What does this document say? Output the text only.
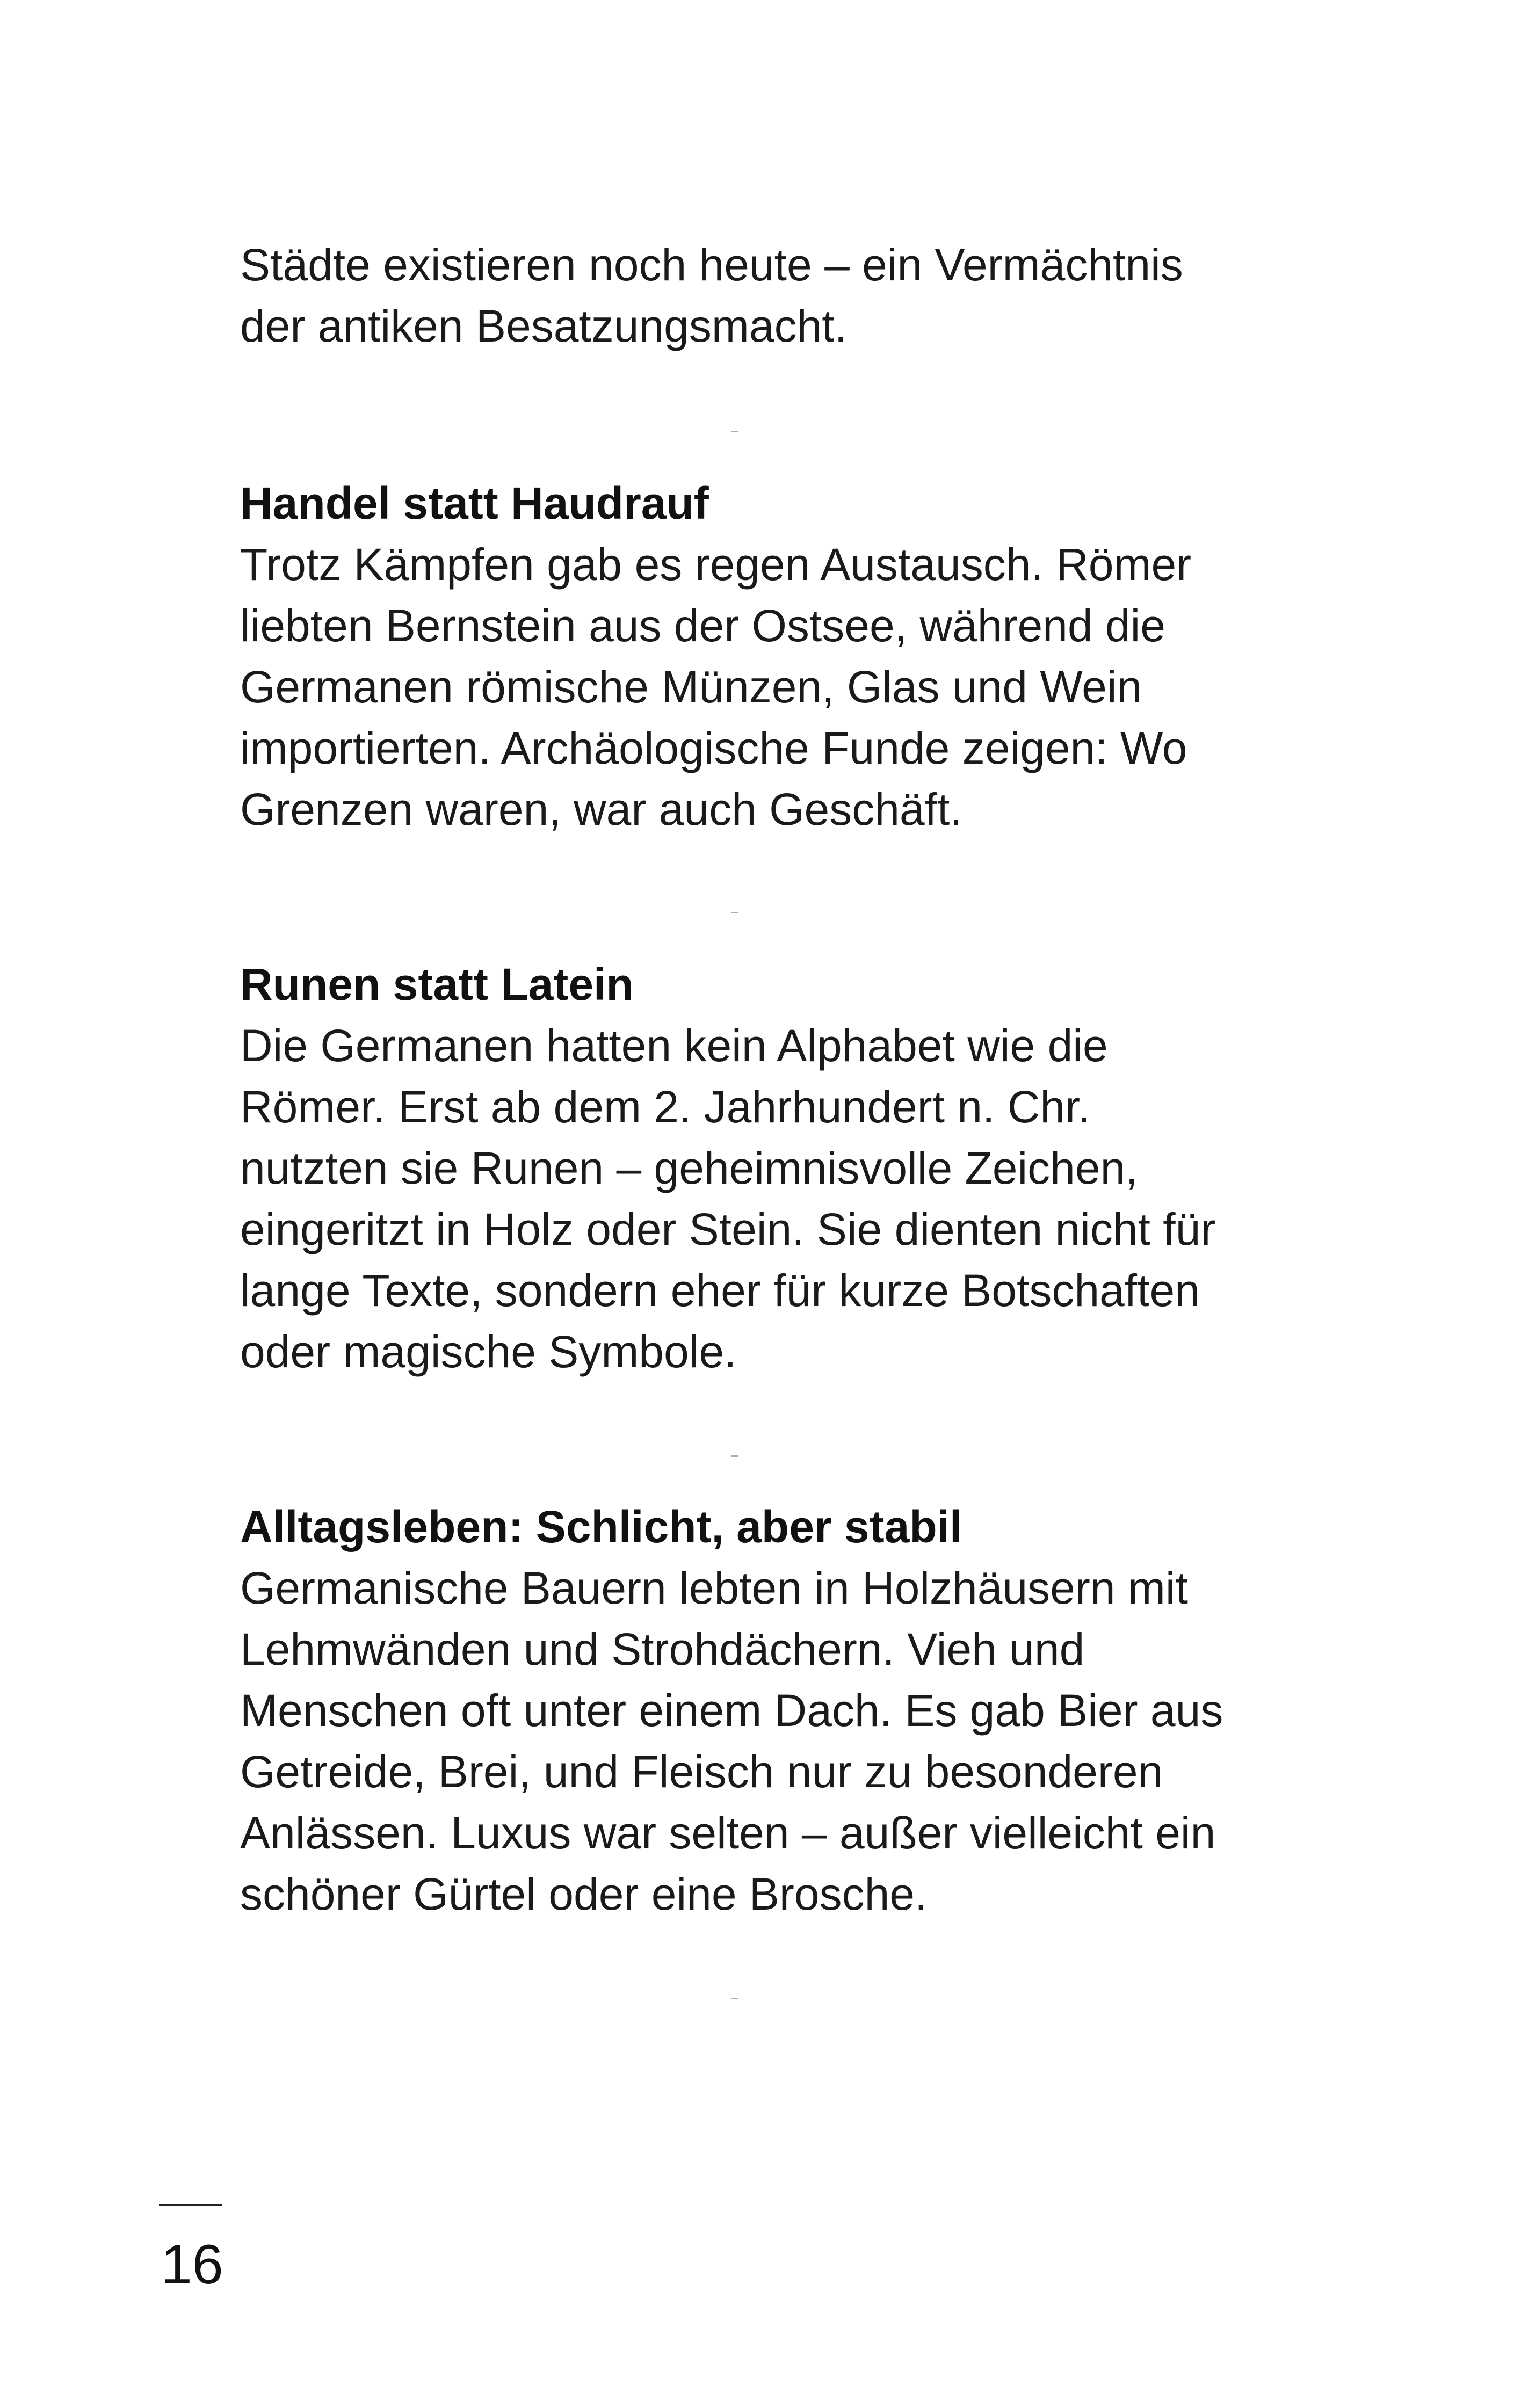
Städte existieren noch heute – ein Vermächtnis
der antiken Besatzungsmacht.
Handel statt Haudrauf
Trotz Kämpfen gab es regen Austausch. Römer
liebten Bernstein aus der Ostsee, während die
Germanen römische Münzen, Glas und Wein
importierten. Archäologische Funde zeigen: Wo
Grenzen waren, war auch Geschäft.
Runen statt Latein
Die Germanen hatten kein Alphabet wie die
Römer. Erst ab dem 2. Jahrhundert n. Chr.
nutzten sie Runen – geheimnisvolle Zeichen,
eingeritzt in Holz oder Stein. Sie dienten nicht für
lange Texte, sondern eher für kurze Botschaften
oder magische Symbole.
Alltagsleben: Schlicht, aber stabil
Germanische Bauern lebten in Holzhäusern mit
Lehmwänden und Strohdächern. Vieh und
Menschen oft unter einem Dach. Es gab Bier aus
Getreide, Brei, und Fleisch nur zu besonderen
Anlässen. Luxus war selten – außer vielleicht ein
schöner Gürtel oder eine Brosche.
16
